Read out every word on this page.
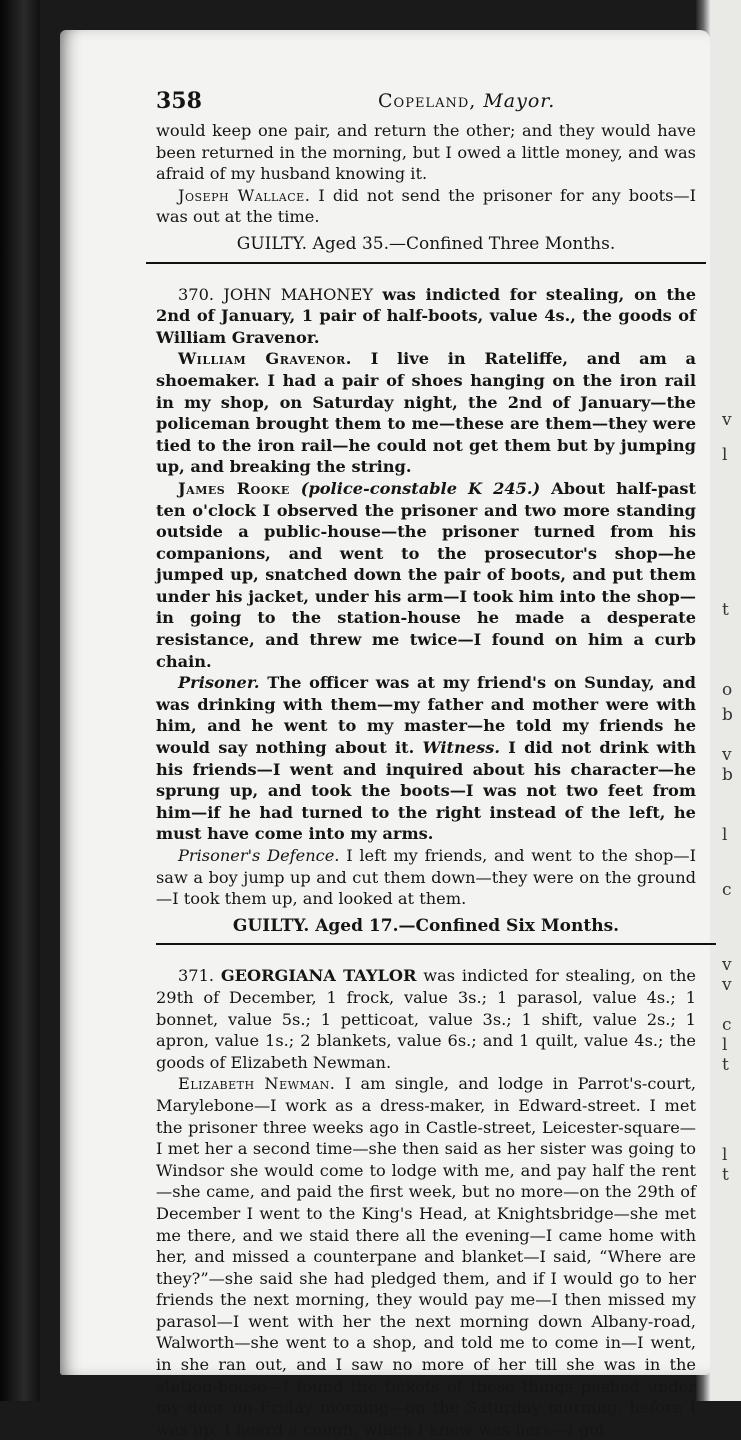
v
l
t
o
b
v
b
l
c
v
v
c
l
t
l
t
358	Copeland, Mayor.

would keep one pair, and return the other; and they would have been returned in the morning, but I owed a little money, and was afraid of my husband knowing it.

Joseph Wallace. I did not send the prisoner for any boots—I was out at the time.

GUILTY. Aged 35.—Confined Three Months.

370. JOHN MAHONEY was indicted for stealing, on the 2nd of January, 1 pair of half-boots, value 4s., the goods of William Gravenor.

William Gravenor. I live in Rateliffe, and am a shoemaker. I had a pair of shoes hanging on the iron rail in my shop, on Saturday night, the 2nd of January—the policeman brought them to me—these are them—they were tied to the iron rail—he could not get them but by jumping up, and breaking the string.

James Rooke (police-constable K 245.) About half-past ten o'clock I observed the prisoner and two more standing outside a public-house—the prisoner turned from his companions, and went to the prosecutor's shop—he jumped up, snatched down the pair of boots, and put them under his jacket, under his arm—I took him into the shop—in going to the station-house he made a desperate resistance, and threw me twice—I found on him a curb chain.

Prisoner. The officer was at my friend's on Sunday, and was drinking with them—my father and mother were with him, and he went to my master—he told my friends he would say nothing about it. Witness. I did not drink with his friends—I went and inquired about his character—he sprung up, and took the boots—I was not two feet from him—if he had turned to the right instead of the left, he must have come into my arms.

Prisoner's Defence. I left my friends, and went to the shop—I saw a boy jump up and cut them down—they were on the ground—I took them up, and looked at them.

GUILTY. Aged 17.—Confined Six Months.

371. GEORGIANA TAYLOR was indicted for stealing, on the 29th of December, 1 frock, value 3s.; 1 parasol, value 4s.; 1 bonnet, value 5s.; 1 petticoat, value 3s.; 1 shift, value 2s.; 1 apron, value 1s.; 2 blankets, value 6s.; and 1 quilt, value 4s.; the goods of Elizabeth Newman.

Elizabeth Newman. I am single, and lodge in Parrot's-court, Marylebone—I work as a dress-maker, in Edward-street. I met the prisoner three weeks ago in Castle-street, Leicester-square—I met her a second time—she then said as her sister was going to Windsor she would come to lodge with me, and pay half the rent—she came, and paid the first week, but no more—on the 29th of December I went to the King's Head, at Knightsbridge—she met me there, and we staid there all the evening—I came home with her, and missed a counterpane and blanket—I said, “Where are they?”—she said she had pledged them, and if I would go to her friends the next morning, they would pay me—I then missed my parasol—I went with her the next morning down Albany-road, Walworth—she went to a shop, and told me to come in—I went, in she ran out, and I saw no more of her till she was in the station-house—I found the tickets of these things pushed under my door on Friday morning—on the Saturday morning, before I was up, I heard a cough, which I knew was hers—I got
